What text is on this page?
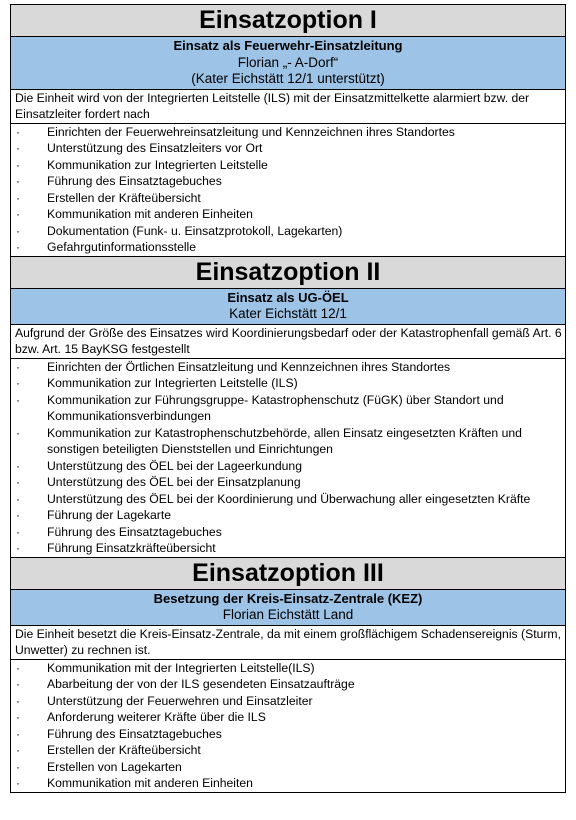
Einsatzoption I
Einsatz als Feuerwehr-Einsatzleitung
Florian „- A-Dorf“
(Kater Eichstätt 12/1 unterstützt)
Die Einheit wird von der Integrierten Leitstelle (ILS) mit der Einsatzmittelkette alarmiert bzw. der Einsatzleiter fordert nach
· Einrichten der Feuerwehreinsatzleitung und Kennzeichnen ihres Standortes
· Unterstützung des Einsatzleiters vor Ort
· Kommunikation zur Integrierten Leitstelle
· Führung des Einsatztagebuches
· Erstellen der Kräfteübersicht
· Kommunikation mit anderen Einheiten
· Dokumentation (Funk- u. Einsatzprotokoll, Lagekarten)
· Gefahrgutinformationsstelle
Einsatzoption II
Einsatz als UG-ÖEL
Kater Eichstätt 12/1
Aufgrund der Größe des Einsatzes wird Koordinierungsbedarf oder der Katastrophenfall gemäß Art. 6 bzw. Art. 15 BayKSG festgestellt
· Einrichten der Örtlichen Einsatzleitung und Kennzeichnen ihres Standortes
· Kommunikation zur Integrierten Leitstelle (ILS)
· Kommunikation zur Führungsgruppe- Katastrophenschutz (FüGK) über Standort und Kommunikationsverbindungen
· Kommunikation zur Katastrophenschutzbehörde, allen Einsatz eingesetzten Kräften und sonstigen beteiligten Dienststellen und Einrichtungen
· Unterstützung des ÖEL bei der Lageerkundung
· Unterstützung des ÖEL bei der Einsatzplanung
· Unterstützung des ÖEL bei der Koordinierung und Überwachung aller eingesetzten Kräfte
· Führung der Lagekarte
· Führung des Einsatztagebuches
· Führung Einsatzkräfteübersicht
Einsatzoption III
Besetzung der Kreis-Einsatz-Zentrale (KEZ)
Florian Eichstätt Land
Die Einheit besetzt die Kreis-Einsatz-Zentrale, da mit einem großflächigem Schadensereignis (Sturm, Unwetter) zu rechnen ist.
· Kommunikation mit der Integrierten Leitstelle(ILS)
· Abarbeitung der von der ILS gesendeten Einsatzaufträge
· Unterstützung der Feuerwehren und Einsatzleiter
· Anforderung weiterer Kräfte über die ILS
· Führung des Einsatztagebuches
· Erstellen der Kräfteübersicht
· Erstellen von Lagekarten
· Kommunikation mit anderen Einheiten
